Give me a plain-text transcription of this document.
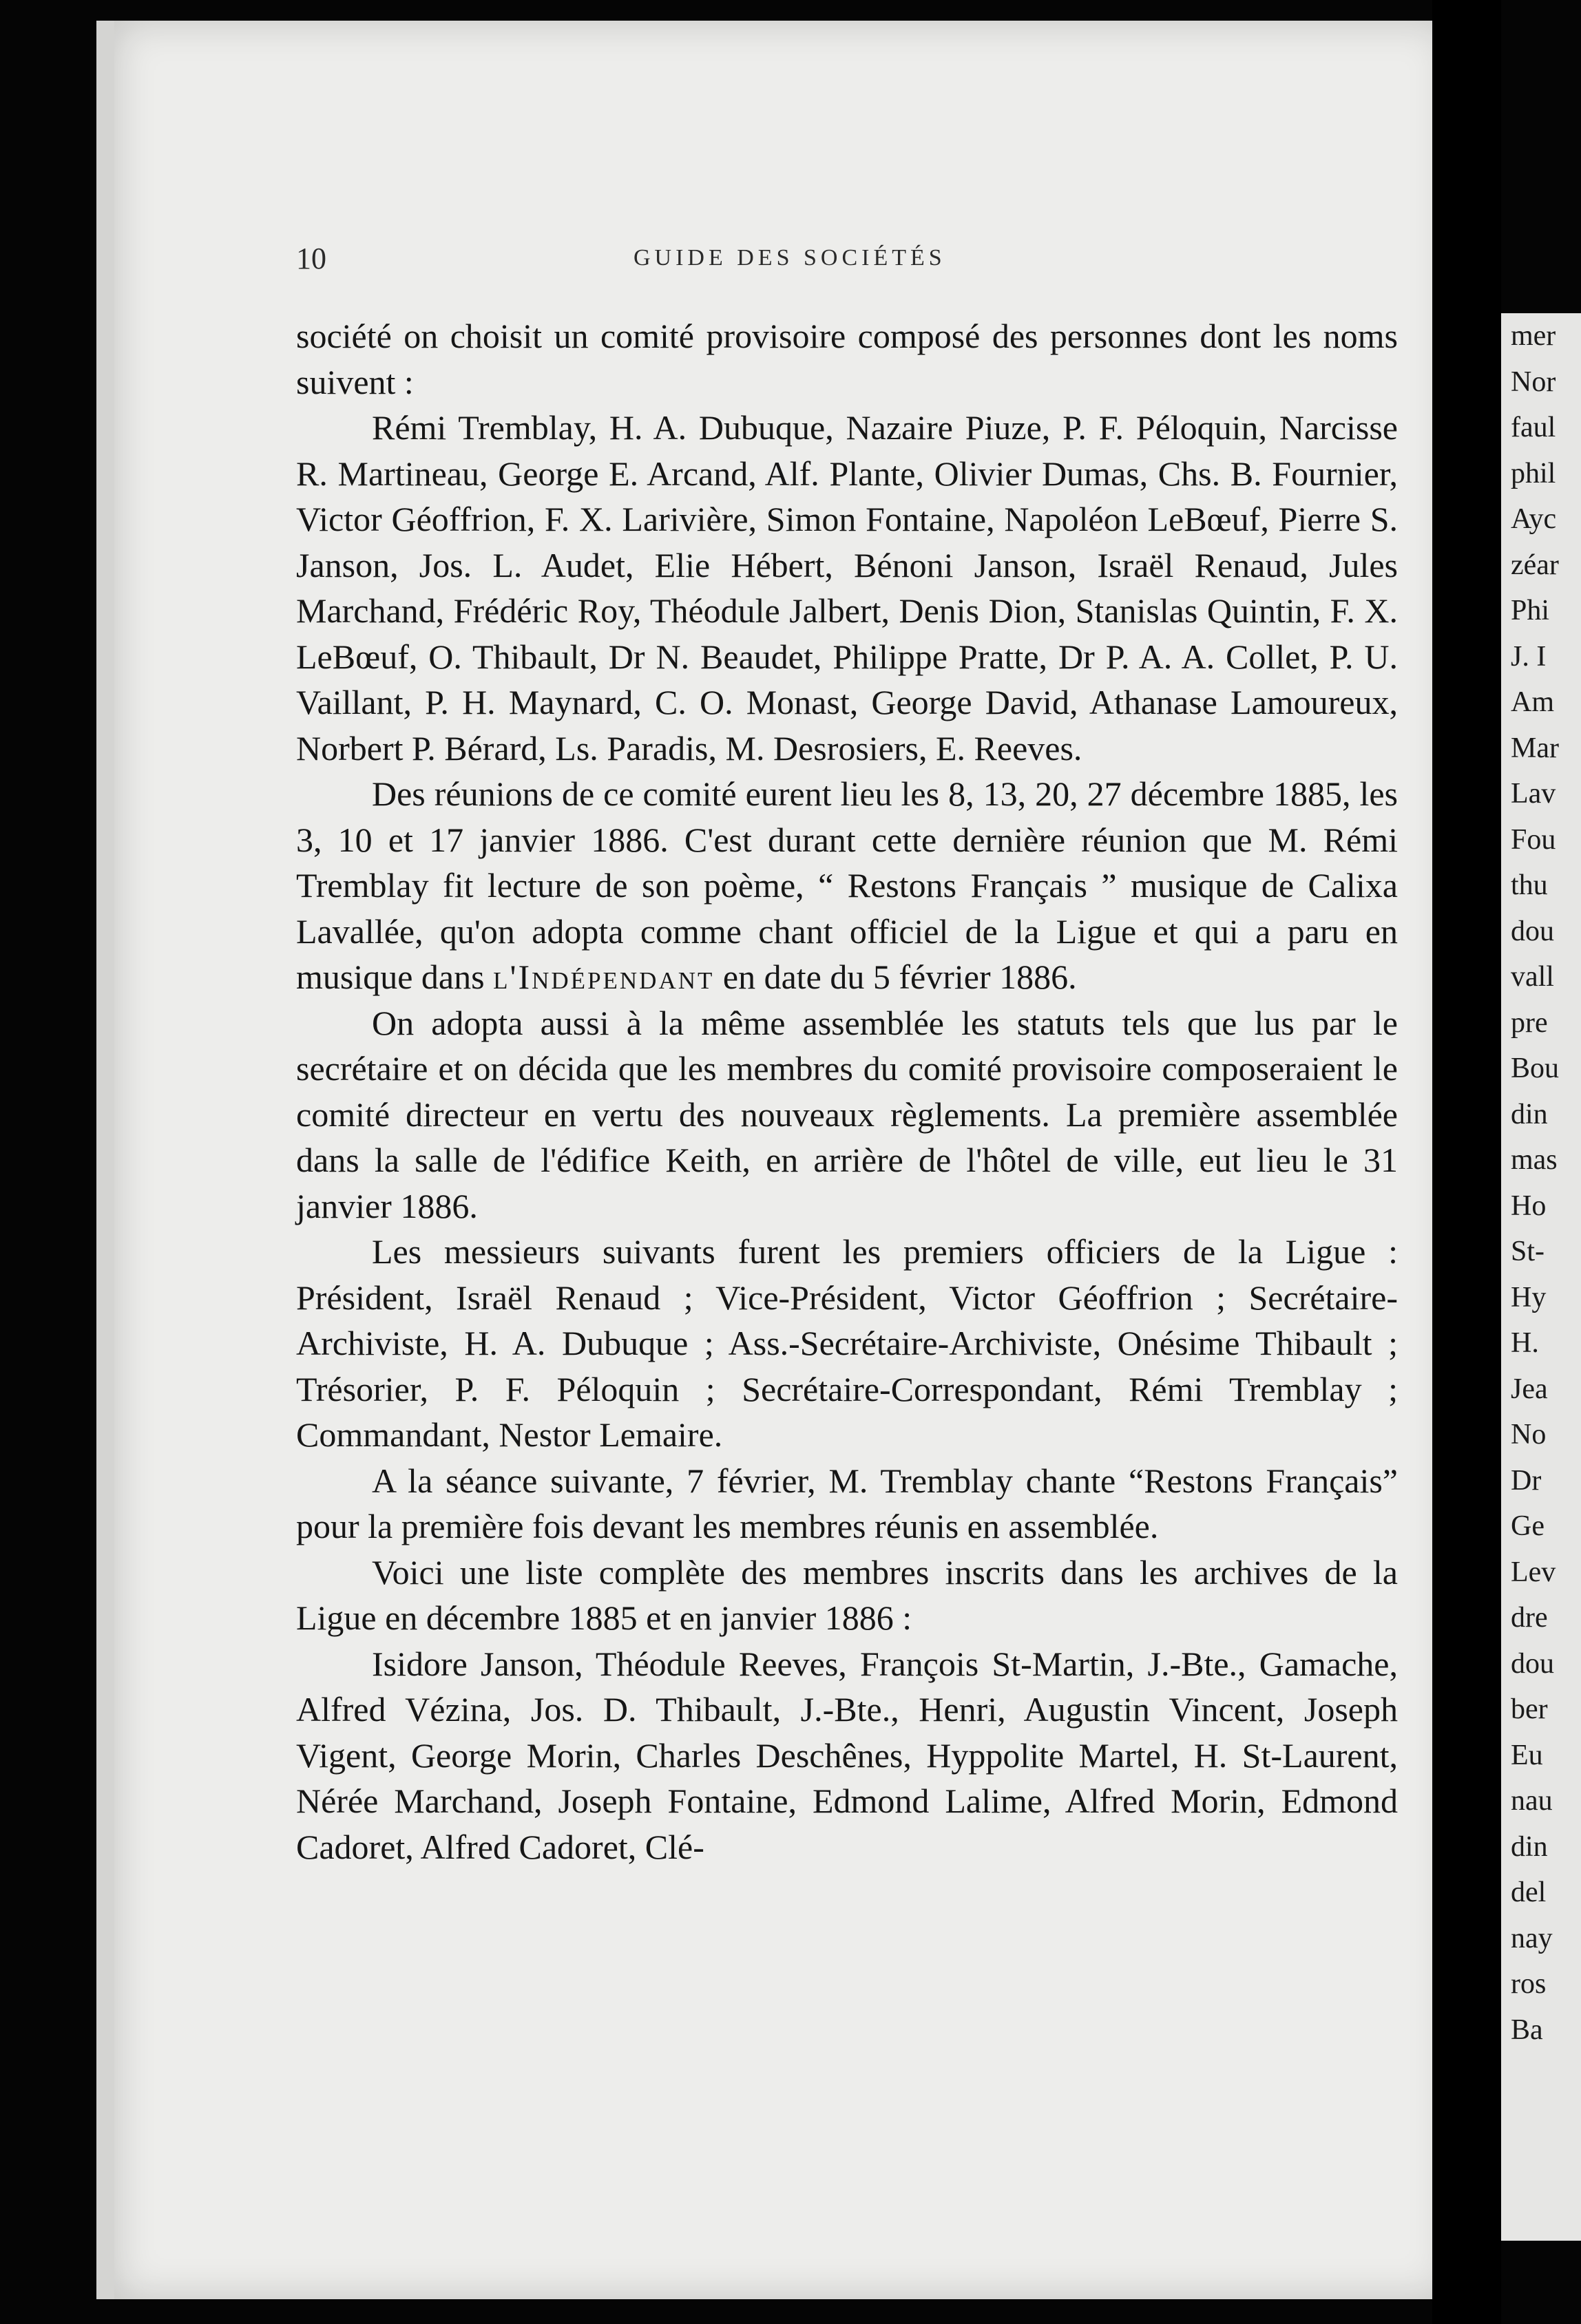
10	GUIDE DES SOCIÉTÉS

société on choisit un comité provisoire composé des personnes dont les noms suivent :

Rémi Tremblay, H. A. Dubuque, Nazaire Piuze, P. F. Péloquin, Narcisse R. Martineau, George E. Arcand, Alf. Plante, Olivier Dumas, Chs. B. Fournier, Victor Géoffrion, F. X. Larivière, Simon Fontaine, Napoléon LeBœuf, Pierre S. Janson, Jos. L. Audet, Elie Hébert, Bénoni Janson, Israël Renaud, Jules Marchand, Frédéric Roy, Théodule Jalbert, Denis Dion, Stanislas Quintin, F. X. LeBœuf, O. Thibault, Dr N. Beaudet, Philippe Pratte, Dr P. A. A. Collet, P. U. Vaillant, P. H. Maynard, C. O. Monast, George David, Athanase Lamoureux, Norbert P. Bérard, Ls. Paradis, M. Desrosiers, E. Reeves.

Des réunions de ce comité eurent lieu les 8, 13, 20, 27 décembre 1885, les 3, 10 et 17 janvier 1886. C'est durant cette dernière réunion que M. Rémi Tremblay fit lecture de son poème, “ Restons Français ” musique de Calixa Lavallée, qu'on adopta comme chant officiel de la Ligue et qui a paru en musique dans l'Indépendant en date du 5 février 1886.

On adopta aussi à la même assemblée les statuts tels que lus par le secrétaire et on décida que les membres du comité provisoire composeraient le comité directeur en vertu des nouveaux règlements. La première assemblée dans la salle de l'édifice Keith, en arrière de l'hôtel de ville, eut lieu le 31 janvier 1886.

Les messieurs suivants furent les premiers officiers de la Ligue : Président, Israël Renaud ; Vice-Président, Victor Géoffrion ; Secrétaire-Archiviste, H. A. Dubuque ; Ass.-Secrétaire-Archiviste, Onésime Thibault ; Trésorier, P. F. Péloquin ; Secrétaire-Correspondant, Rémi Tremblay ; Commandant, Nestor Lemaire.

A la séance suivante, 7 février, M. Tremblay chante “Restons Français” pour la première fois devant les membres réunis en assemblée.

Voici une liste complète des membres inscrits dans les archives de la Ligue en décembre 1885 et en janvier 1886 :

Isidore Janson, Théodule Reeves, François St-Martin, J.-Bte., Gamache, Alfred Vézina, Jos. D. Thibault, J.-Bte., Henri, Augustin Vincent, Joseph Vigent, George Morin, Charles Deschênes, Hyppolite Martel, H. St-Laurent, Nérée Marchand, Joseph Fontaine, Edmond Lalime, Alfred Morin, Edmond Cadoret, Alfred Cadoret, Clé-

mer
Nor
faul
phil
Ayc
zéar
Phi
J. I
Am
Mar
Lav
Fou
thu
dou
vall
pre
Bou
din
mas
Ho
St-
Hy
H.
Jea
No
Dr
Ge
Lev
dre
dou
ber
Eu
nau
din
del
nay
ros
Ba
